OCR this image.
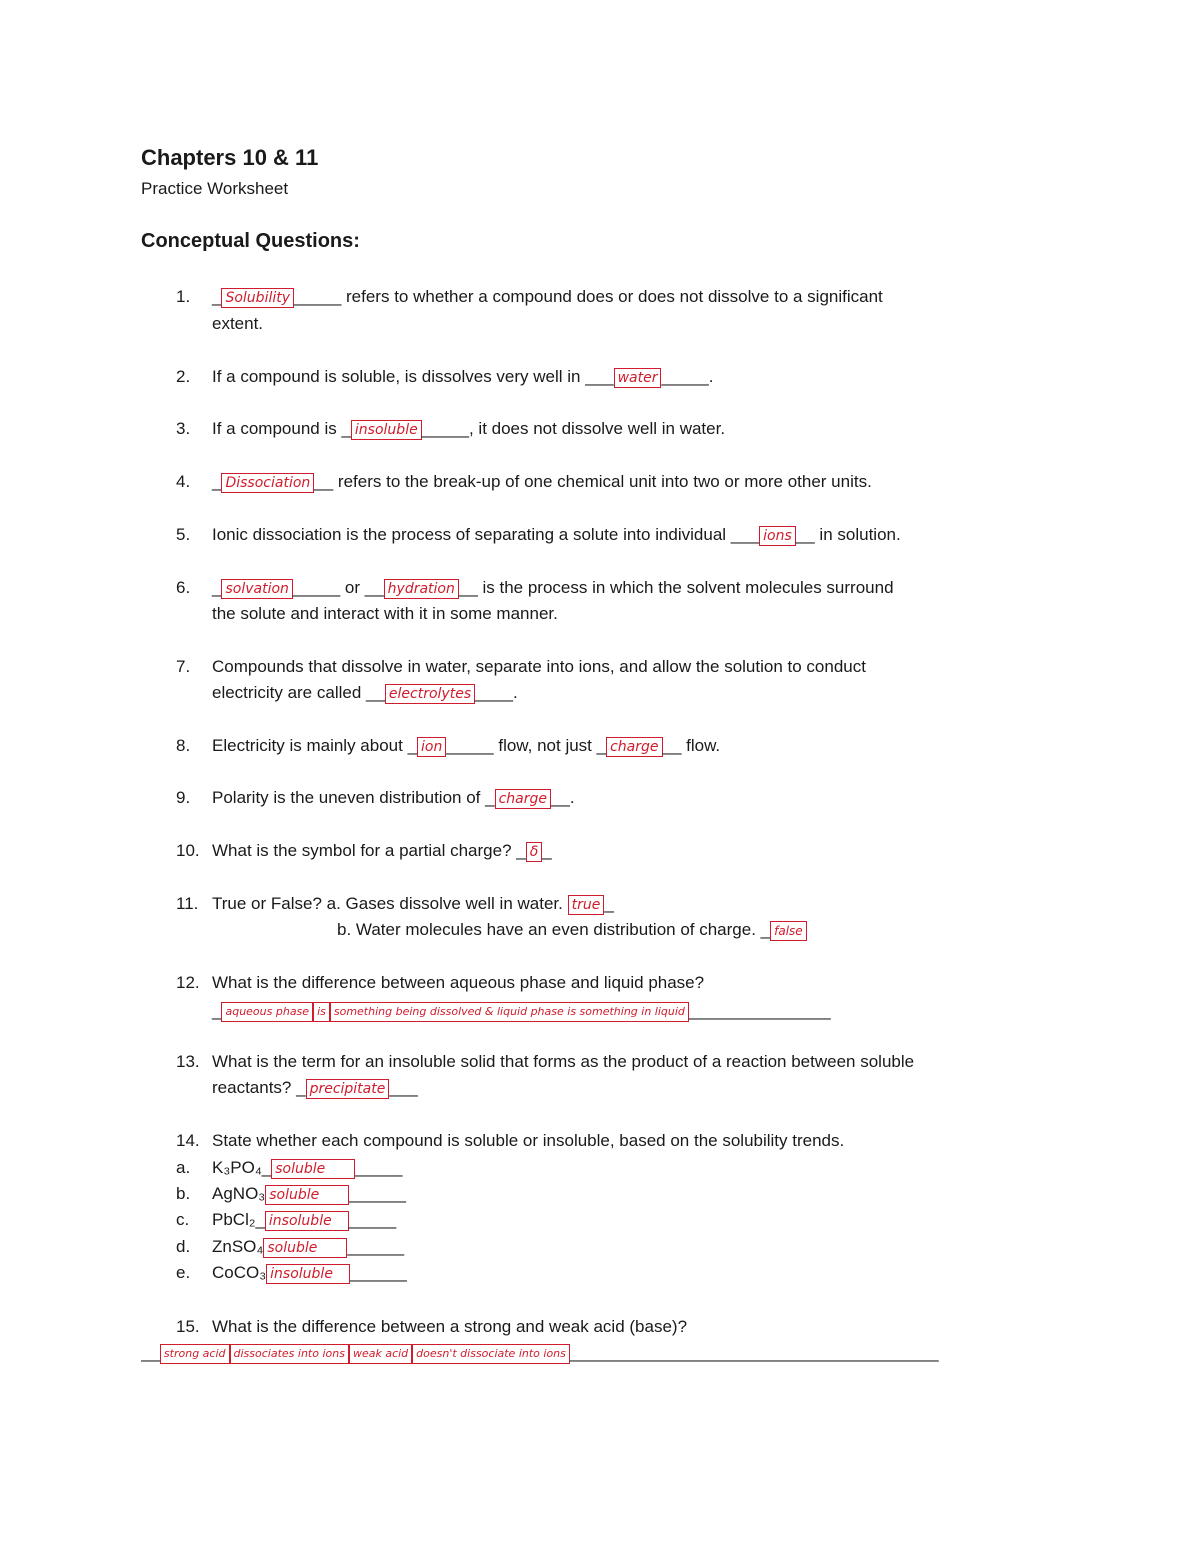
Chapters 10 & 11
Practice Worksheet
Conceptual Questions:
1. _ Solubility _____ refers to whether a compound does or does not dissolve to a significant
extent.
2. If a compound is soluble, is dissolves very well in ___ water _____.
3. If a compound is _ insoluble _____, it does not dissolve well in water.
4. _ Dissociation __ refers to the break-up of one chemical unit into two or more other units.
5. Ionic dissociation is the process of separating a solute into individual ___ ions __ in solution.
6. _ solvation _____ or __ hydration __ is the process in which the solvent molecules surround
the solute and interact with it in some manner.
7. Compounds that dissolve in water, separate into ions, and allow the solution to conduct
electricity are called __ electrolytes ____.
8. Electricity is mainly about _ ion _____ flow, not just _ charge __ flow.
9. Polarity is the uneven distribution of _ charge __.
10. What is the symbol for a partial charge? _ δ _
11. True or False? a. Gases dissolve well in water. true _
b. Water molecules have an even distribution of charge. _ false
12. What is the difference between aqueous phase and liquid phase?
_ aqueous phase is something being dissolved & liquid phase is something in liquid _______________
13. What is the term for an insoluble solid that forms as the product of a reaction between soluble
reactants? _ precipitate ___
14. State whether each compound is soluble or insoluble, based on the solubility trends.
a. K₃PO₄_ soluble _____
b. AgNO₃ soluble ______
c. PbCl₂_ insoluble _____
d. ZnSO₄ soluble ______
e. CoCO₃ insoluble ______
15. What is the difference between a strong and weak acid (base)?
__ strong acid dissociates into ions weak acid doesn't dissociate into ions _______________________________________
